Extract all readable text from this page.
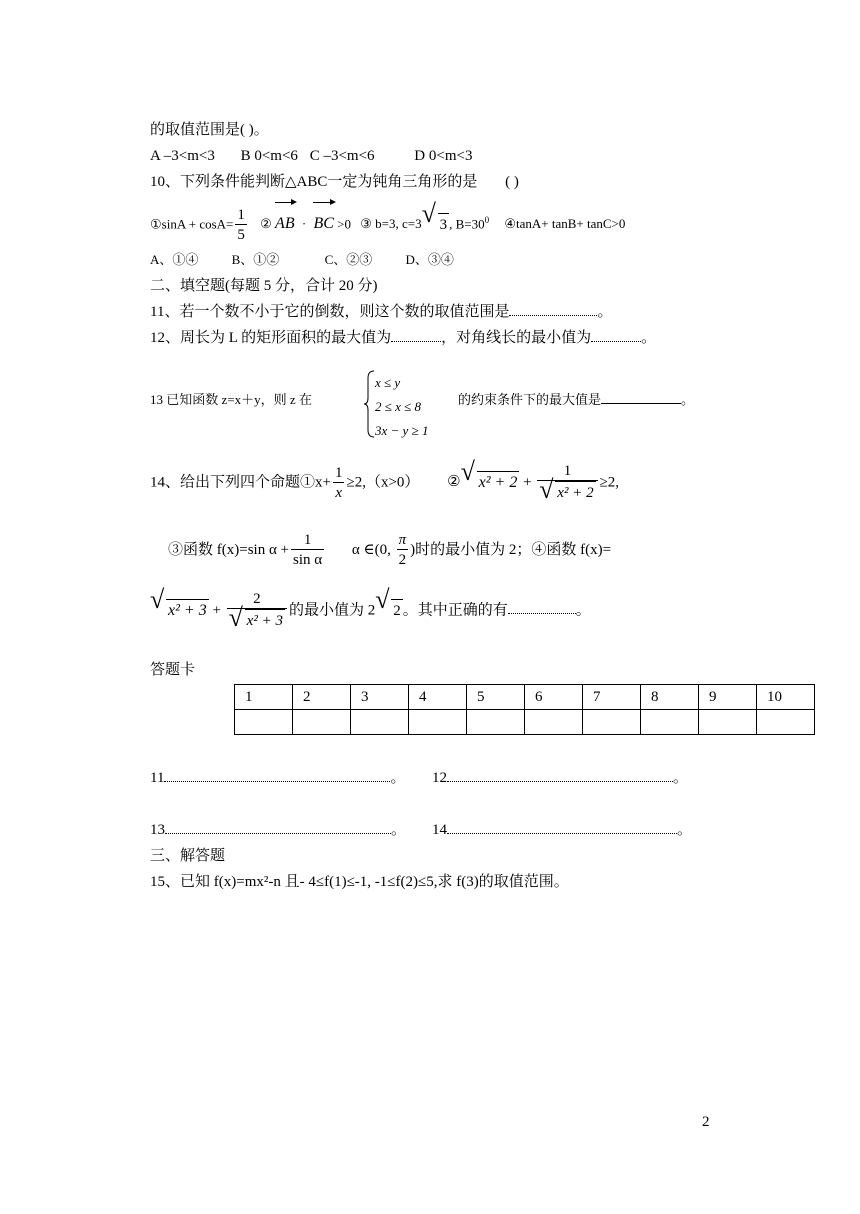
的取值范围是( )。
A –3<m<3 B 0<m<6 C –3<m<6	D 0<m<3
10、下列条件能判断△ABC一定为钝角三角形的是 ( )
①sinA + $\cos A= \frac{1}{5}$ ② AB · BC >0 ③ b=3, c=3 √ 3 , $B=30^0$ ④tanA+ tanB+ tanC>0
A、①④	B、①②	C、②③	D、③④
二、填空题(每题 5 分，合计 20 分)
11、若一个数不小于它的倒数，则这个数的取值范围是	。
12、周长为 L 的矩形面积的最大值为	，对角线长的最小值为	。
13 已知函数 z=x＋y，则 z 在
x ≤ y
2 ≤ x ≤ 8
3x − y ≥ 1
的约束条件下的最大值是	。
14、给出下列四个命题①x+ $\frac{1}{x} \ge 2,(x>0)$ ② √ $x^2 + 2 + \frac{1}{\text{√ x² + 2}} \ge 2$,
③函数 f(x)=sin $\alpha + \frac{1}{\text{sin α}}$ α ∈(0, $\frac{\pi}{2}$ )时的最小值为 2；④函数 f(x)=
√ $x^2 + 3 + \frac{2}{\text{√ x² + 3}}$ 的最小值为 2 √ 2 。其中正确的有	。
答题卡
1	2	3	4	5	6	7	8	9	10

11	。 12	。
13	。 14	。
三、解答题
15、已知 f(x)=mx²-n 且- 4≤f(1)≤-1, -1≤f(2)≤5,求 f(3)的取值范围。
2
